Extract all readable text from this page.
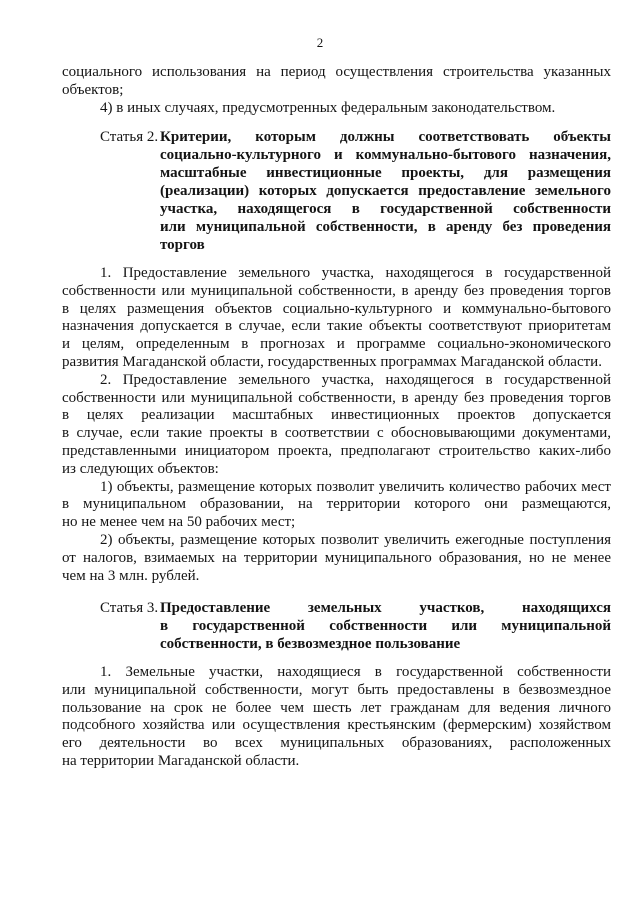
2
социального использования на период осуществления строительства указанных
объектов;
4) в иных случаях, предусмотренных федеральным законодательством.
Статья 2. Критерии, которым должны соответствовать объекты
социально-культурного и коммунально-бытового назначения,
масштабные инвестиционные проекты, для размещения
(реализации) которых допускается предоставление земельного
участка, находящегося в государственной собственности
или муниципальной собственности, в аренду без проведения
торгов
1. Предоставление земельного участка, находящегося в государственной
собственности или муниципальной собственности, в аренду без проведения торгов
в целях размещения объектов социально-культурного и коммунально-бытового
назначения допускается в случае, если такие объекты соответствуют приоритетам
и целям, определенным в прогнозах и программе социально-экономического
развития Магаданской области, государственных программах Магаданской области.
2. Предоставление земельного участка, находящегося в государственной
собственности или муниципальной собственности, в аренду без проведения торгов
в целях реализации масштабных инвестиционных проектов допускается
в случае, если такие проекты в соответствии с обосновывающими документами,
представленными инициатором проекта, предполагают строительство каких-либо
из следующих объектов:
1) объекты, размещение которых позволит увеличить количество рабочих мест
в муниципальном образовании, на территории которого они размещаются,
но не менее чем на 50 рабочих мест;
2) объекты, размещение которых позволит увеличить ежегодные поступления
от налогов, взимаемых на территории муниципального образования, но не менее
чем на 3 млн. рублей.
Статья 3. Предоставление земельных участков, находящихся
в государственной собственности или муниципальной
собственности, в безвозмездное пользование
1. Земельные участки, находящиеся в государственной собственности
или муниципальной собственности, могут быть предоставлены в безвозмездное
пользование на срок не более чем шесть лет гражданам для ведения личного
подсобного хозяйства или осуществления крестьянским (фермерским) хозяйством
его деятельности во всех муниципальных образованиях, расположенных
на территории Магаданской области.
